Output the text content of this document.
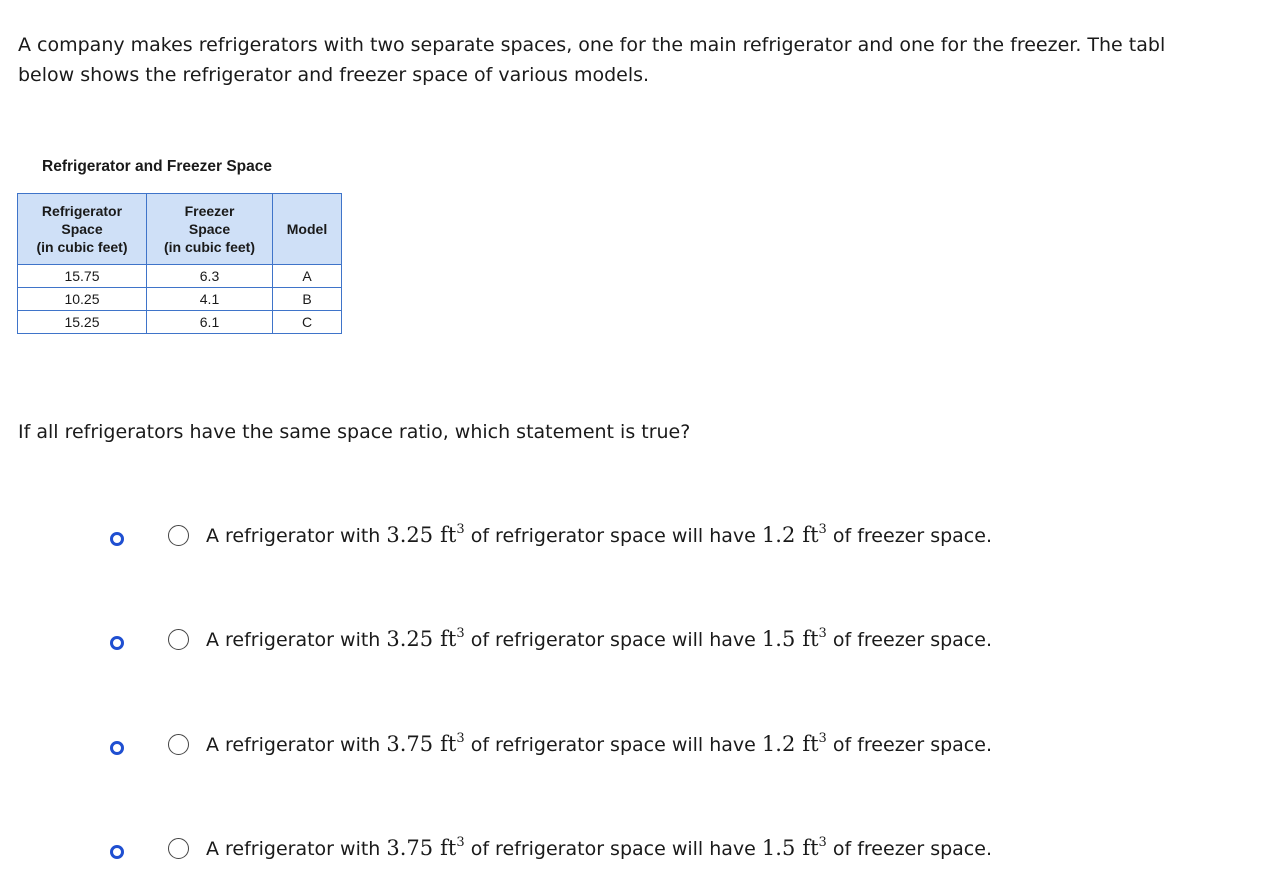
A company makes refrigerators with two separate spaces, one for the main refrigerator and one for the freezer. The tabl
below shows the refrigerator and freezer space of various models.
Refrigerator and Freezer Space
Refrigerator
Space
(in cubic feet)	Freezer
Space
(in cubic feet)	Model

15.75	6.3	A
10.25	4.1	B
15.25	6.1	C
If all refrigerators have the same space ratio, which statement is true?
A refrigerator with 3.25 $ft^3$ of refrigerator space will have 1.2 $ft^3$ of freezer space.
A refrigerator with 3.25 $ft^3$ of refrigerator space will have 1.5 $ft^3$ of freezer space.
A refrigerator with 3.75 $ft^3$ of refrigerator space will have 1.2 $ft^3$ of freezer space.
A refrigerator with 3.75 $ft^3$ of refrigerator space will have 1.5 $ft^3$ of freezer space.
